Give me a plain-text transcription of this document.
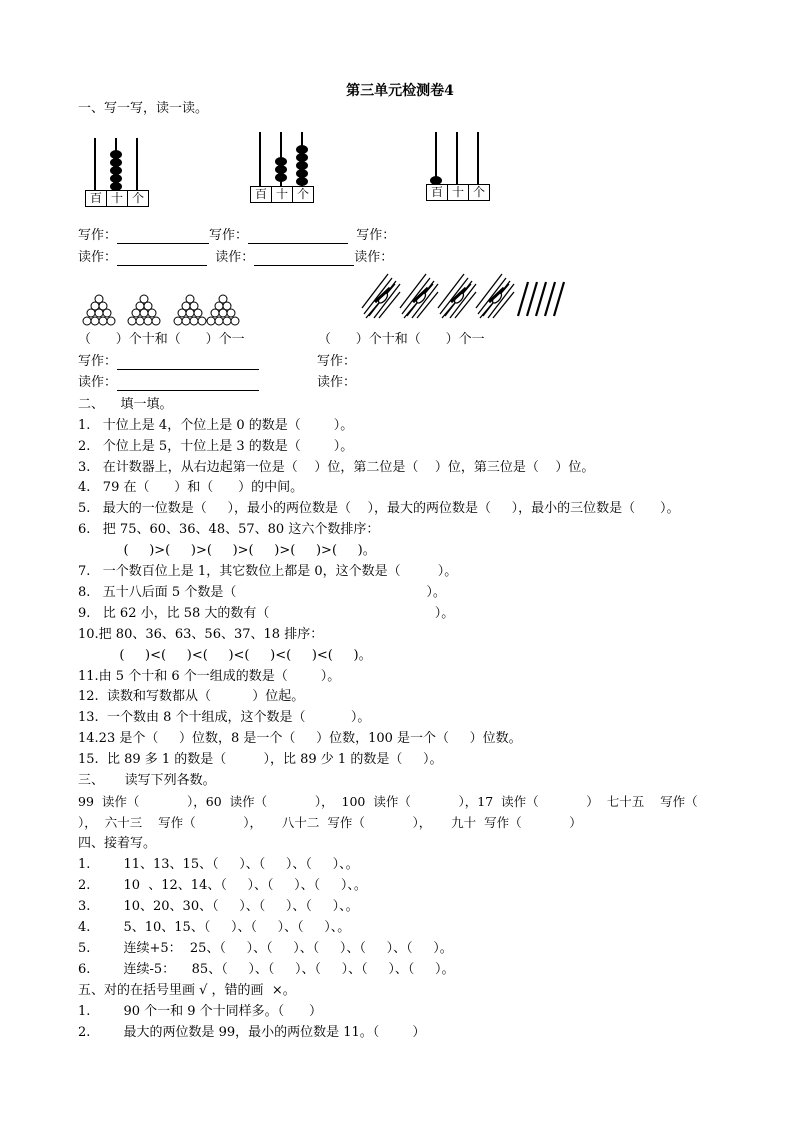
第三单元检测卷4
一、写一写，读一读。
百 十 个	百 十 个	百 十 个
写作：	写作：	写作：
读作：	读作：	读作：
（      ）个十和（      ）个一	（      ）个十和（      ）个一
写作：	写作：
读作：	读作：
二、    填一填。
1.   十位上是 4，个位上是 0 的数是（        ）。
2.   个位上是 5，十位上是 3 的数是（        ）。
3.   在计数器上，从右边起第一位是（    ）位，第二位是（    ）位，第三位是（    ）位。
4.   79 在（      ）和（      ）的中间。
5.   最大的一位数是（     ），最小的两位数是（    ），最大的两位数是（     ），最小的三位数是（      ）。
6.   把 75、60、36、48、57、80 这六个数排序：
(     )>(     )>(     )>(     )>(     )>(     )。
7.   一个数百位上是 1，其它数位上都是 0，这个数是（         ）。
8.   五十八后面 5 个数是（                                              ）。
9.   比 62 小，比 58 大的数有（                                        ）。
10.把 80、36、63、56、37、18 排序：
(     )<(     )<(     )<(     )<(     )<(     )。
11.由 5 个十和 6 个一组成的数是（        ）。
12.  读数和写数都从（          ）位起。
13.  一个数由 8 个十组成，这个数是（           ）。
14.23 是个（     ）位数，8 是一个（     ）位数，100 是一个（     ）位数。
15.  比 89 多 1 的数是（         ），比 89 少 1 的数是（     ）。
三、     读写下列各数。
99  读作（            ），60  读作（            ），  100  读作（            ），17  读作（            ）  七十五    写作（
），  六十三    写作（            ），     八十二  写作（            ），     九十  写作（            ）
四、接着写。
1.        11、13、15、（     ）、（     ）、（     ）、。
2.        10  、12、14、（     ）、（     ）、（     ）、。
3.        10、20、30、（     ）、（     ）、（     ）、。
4.        5、10、15、（     ）、（     ）、（     ）、。
5.        连续+5：  25、（     ）、（     ）、（     ）、（     ）、（     ）。
6.        连续-5：    85、（     ）、（     ）、（     ）、（     ）、（     ）。
五、对的在括号里画 √ ，错的画  ×。
1.        90 个一和 9 个十同样多。（      ）
2.        最大的两位数是 99，最小的两位数是 11。（        ）
